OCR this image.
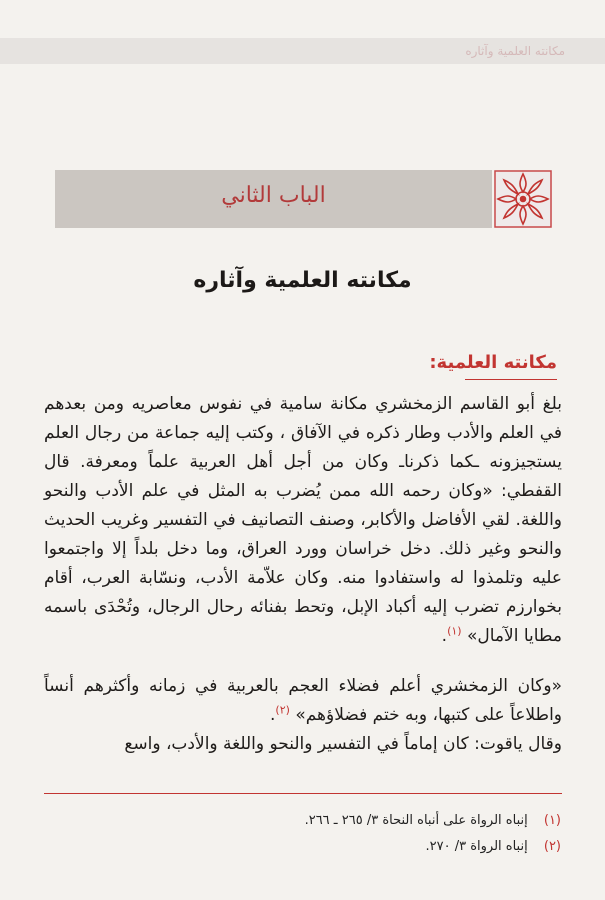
مكانته العلمية وآثاره
الباب الثاني
مكانته العلمية وآثاره
مكانته العلمية:
بلغ أبو القاسم الزمخشري مكانة سامية في نفوس معاصريه ومن بعدهم في العلم والأدب وطار ذكره في الآفاق ، وكتب إليه جماعة من رجال العلم يستجيزونه ـكما ذكرناـ وكان من أجل أهل العربية علماً ومعرفة. قال القفطي: «وكان رحمه الله ممن يُضرب به المثل في علم الأدب والنحو واللغة. لقي الأفاضل والأكابر، وصنف التصانيف في التفسير وغريب الحديث والنحو وغير ذلك. دخل خراسان وورد العراق، وما دخل بلداً إلا واجتمعوا عليه وتلمذوا له واستفادوا منه. وكان علاّمة الأدب، ونسّابة العرب، أقام بخوارزم تضرب إليه أكباد الإبل، وتحط بفنائه رحال الرجال، وتُحْدَى باسمه مطايا الآمال» $^{(١)}$.
«وكان الزمخشري أعلم فضلاء العجم بالعربية في زمانه وأكثرهم أنساً واطلاعاً على كتبها، وبه ختم فضلاؤهم» $^{(٢)}$.
وقال ياقوت: كان إماماً في التفسير والنحو واللغة والأدب، واسع
(١) إنباه الرواة على أنباه النحاة ٣/ ٢٦٥ ـ ٢٦٦.
(٢) إنباه الرواة ٣/ ٢٧٠.
